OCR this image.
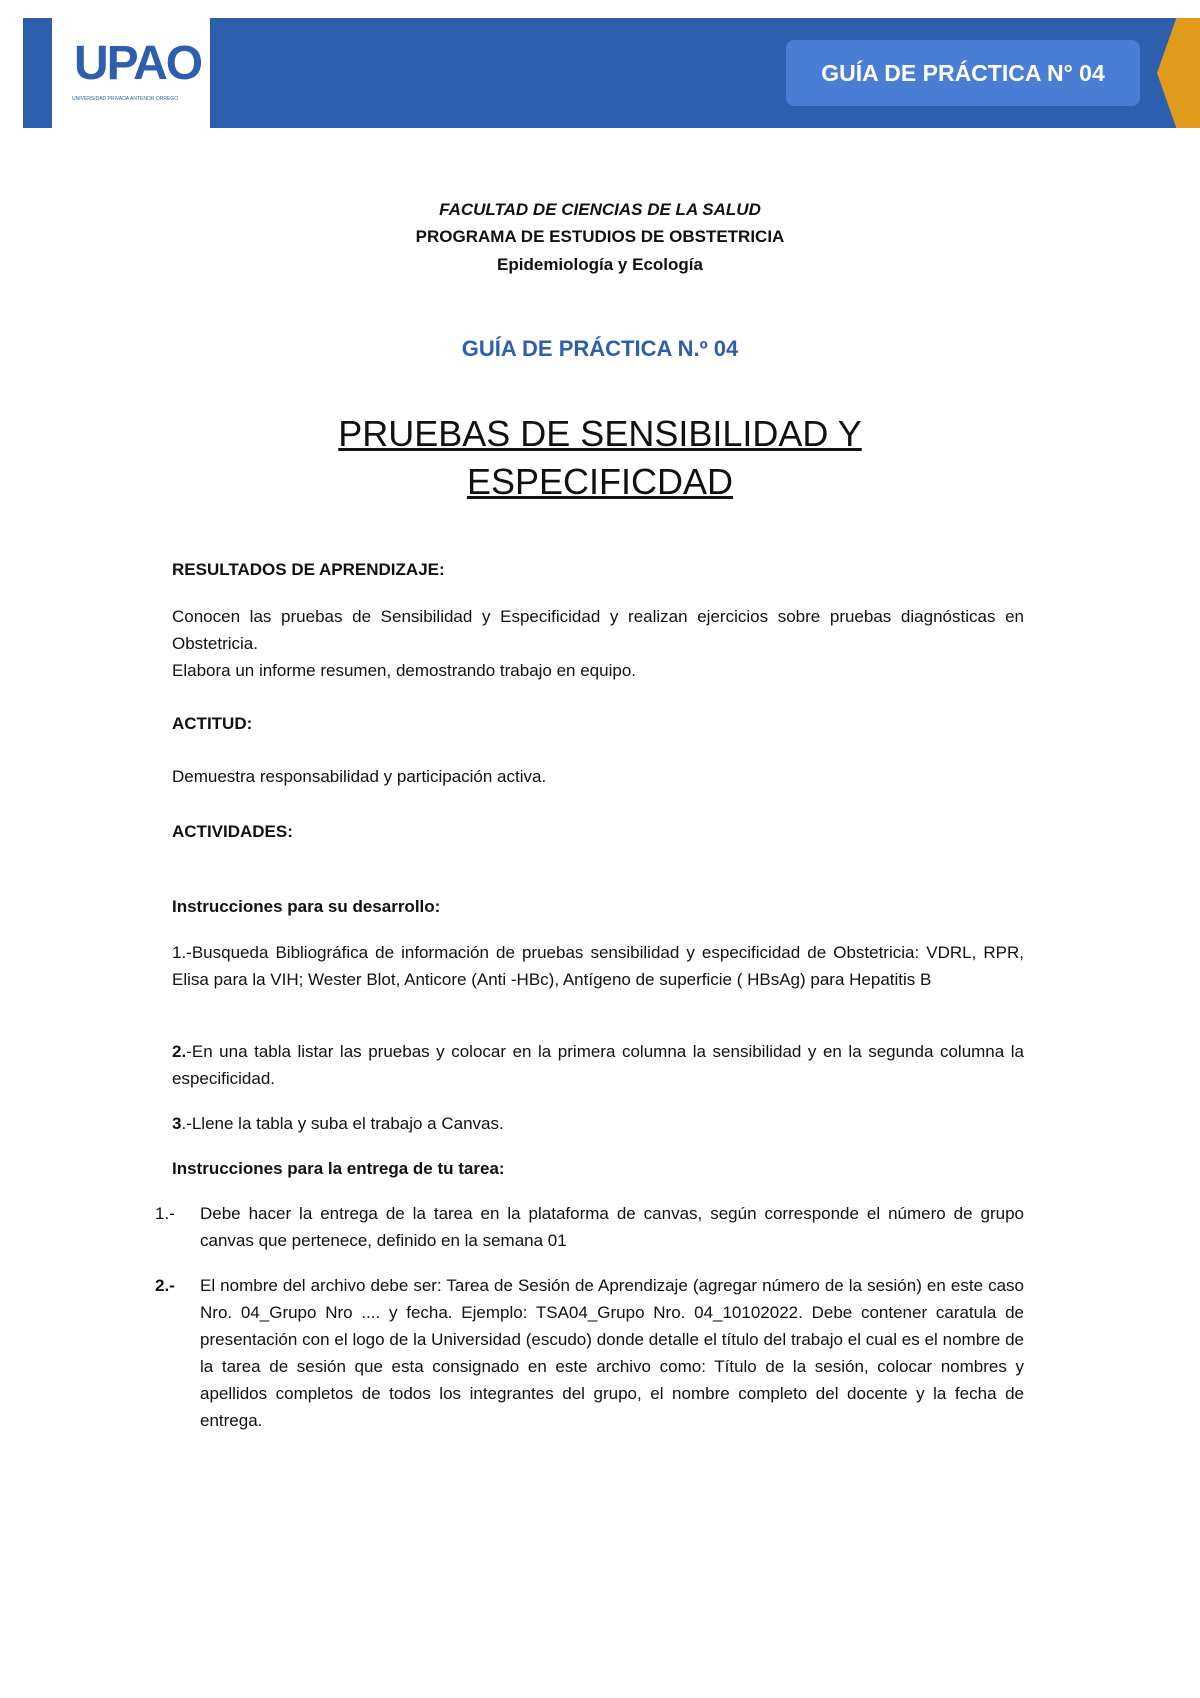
UPAO
UNIVERSIDAD PRIVADA ANTENOR ORREGO
GUÍA DE PRÁCTICA N° 04
FACULTAD DE CIENCIAS DE LA SALUD
PROGRAMA DE ESTUDIOS DE OBSTETRICIA
Epidemiología y Ecología
GUÍA DE PRÁCTICA N.º 04
PRUEBAS DE SENSIBILIDAD Y
ESPECIFICDAD
RESULTADOS DE APRENDIZAJE:
Conocen las pruebas de Sensibilidad y Especificidad y realizan ejercicios sobre pruebas diagnósticas en Obstetricia.
Elabora un informe resumen, demostrando trabajo en equipo.
ACTITUD:
Demuestra responsabilidad y participación activa.
ACTIVIDADES:
Instrucciones para su desarrollo:
1.-Busqueda Bibliográfica de información de pruebas sensibilidad y especificidad de Obstetricia: VDRL, RPR, Elisa para la VIH; Wester Blot, Anticore (Anti -HBc), Antígeno de superficie ( HBsAg) para Hepatitis B
2.-En una tabla listar las pruebas y colocar en la primera columna la sensibilidad y en la segunda columna la especificidad.
3.-Llene la tabla y suba el trabajo a Canvas.
Instrucciones para la entrega de tu tarea:
1.- Debe hacer la entrega de la tarea en la plataforma de canvas, según corresponde el número de grupo canvas que pertenece, definido en la semana 01
2.- El nombre del archivo debe ser: Tarea de Sesión de Aprendizaje (agregar número de la sesión) en este caso Nro. 04_Grupo Nro .... y fecha. Ejemplo: TSA04_Grupo Nro. 04_10102022. Debe contener caratula de presentación con el logo de la Universidad (escudo) donde detalle el título del trabajo el cual es el nombre de la tarea de sesión que esta consignado en este archivo como: Título de la sesión, colocar nombres y apellidos completos de todos los integrantes del grupo, el nombre completo del docente y la fecha de entrega.
